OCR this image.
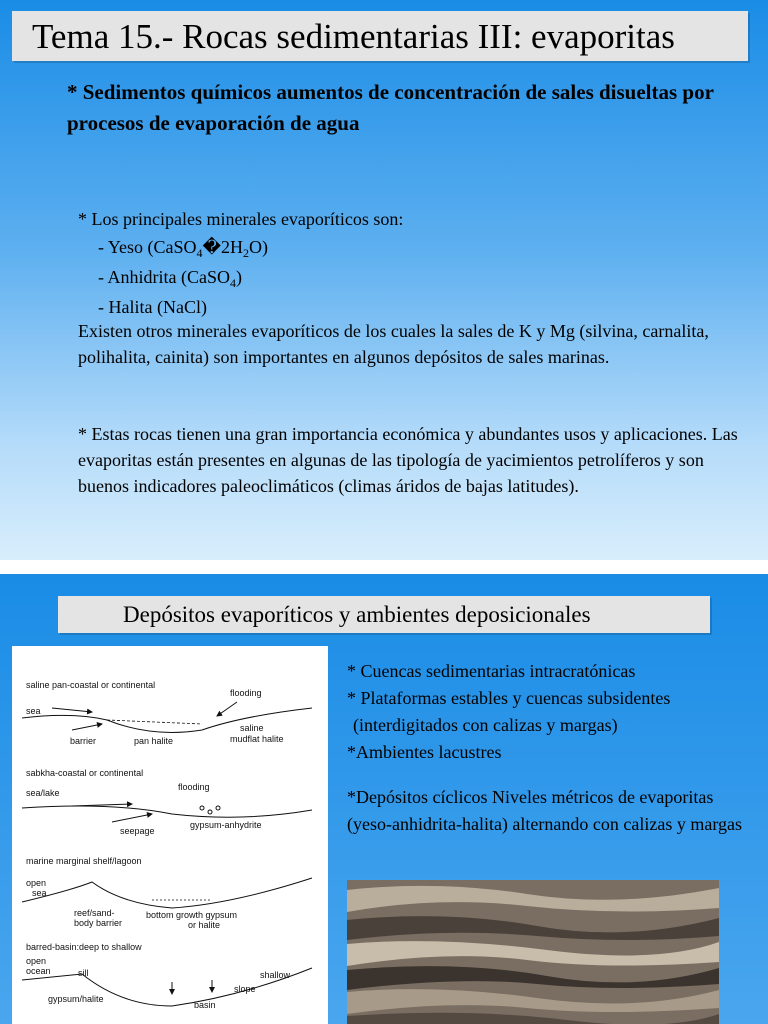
Tema 15.- Rocas sedimentarias III: evaporitas
* Sedimentos químicos aumentos de concentración de sales disueltas por procesos de evaporación de agua
* Los principales minerales evaporíticos son:
- Yeso $(CaSO_4�2H_2O)$
- Anhidrita (CaSO$_4$)
- Halita (NaCl)
Existen otros minerales evaporíticos de los cuales la sales de K y Mg (silvina, carnalita, polihalita, cainita) son importantes en algunos depósitos de sales marinas.
* Estas rocas tienen una gran importancia económica y abundantes usos y aplicaciones. Las evaporitas están presentes en algunas de las tipología de yacimientos petrolíferos y son buenos indicadores paleoclimáticos (climas áridos de bajas latitudes).
Depósitos evaporíticos y ambientes deposicionales
saline pan-coastal or continental
flooding
sea
saline
barrier	pan halite	mudflat halite
sabkha-coastal or continental
flooding
sea/lake
seepage
gypsum-anhydrite
marine marginal shelf/lagoon
open
sea
reef/sand-
body barrier
bottom growth gypsum
or halite
barred-basin:deep to shallow
open
ocean	sill	shallow
slope
gypsum/halite
basin
* Cuencas sedimentarias intracratónicas
* Plataformas estables y cuencas subsidentes
(interdigitados con calizas y margas)
*Ambientes lacustres
*Depósitos cíclicos Niveles métricos de evaporitas (yeso-anhidrita-halita) alternando con calizas y margas
